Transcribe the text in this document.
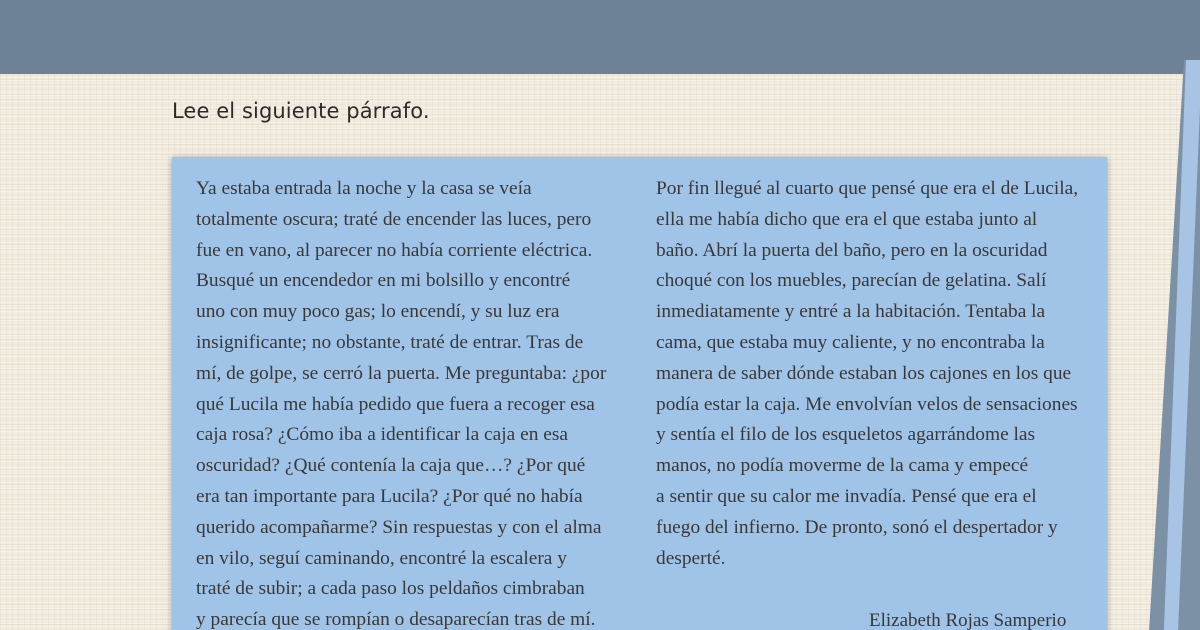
Lee el siguiente párrafo.

Ya estaba entrada la noche y la casa se veía
totalmente oscura; traté de encender las luces, pero
fue en vano, al parecer no había corriente eléctrica.
Busqué un encendedor en mi bolsillo y encontré
uno con muy poco gas; lo encendí, y su luz era
insignificante; no obstante, traté de entrar. Tras de
mí, de golpe, se cerró la puerta. Me preguntaba: ¿por
qué Lucila me había pedido que fuera a recoger esa
caja rosa? ¿Cómo iba a identificar la caja en esa
oscuridad? ¿Qué contenía la caja que…? ¿Por qué
era tan importante para Lucila? ¿Por qué no había
querido acompañarme? Sin respuestas y con el alma
en vilo, seguí caminando, encontré la escalera y
traté de subir; a cada paso los peldaños cimbraban
y parecía que se rompían o desaparecían tras de mí.

Por fin llegué al cuarto que pensé que era el de Lucila,
ella me había dicho que era el que estaba junto al
baño. Abrí la puerta del baño, pero en la oscuridad
choqué con los muebles, parecían de gelatina. Salí
inmediatamente y entré a la habitación. Tentaba la
cama, que estaba muy caliente, y no encontraba la
manera de saber dónde estaban los cajones en los que
podía estar la caja. Me envolvían velos de sensaciones
y sentía el filo de los esqueletos agarrándome las
manos, no podía moverme de la cama y empecé
a sentir que su calor me invadía. Pensé que era el
fuego del infierno. De pronto, sonó el despertador y
desperté.

Elizabeth Rojas Samperio
